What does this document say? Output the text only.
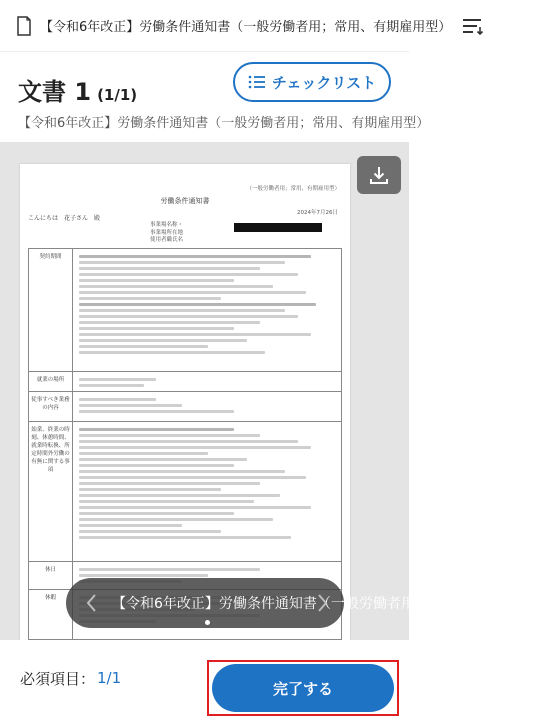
【令和6年改正】労働条件通知書（一般労働者用；常用、有期雇用型）
文書 1 (1/1)
チェックリスト
【令和6年改正】労働条件通知書（一般労働者用；常用、有期雇用型）
（一般労働者用；常用、有期雇用型）
労働条件通知書
2024年7月26日
こんにちは　花子さん　殿
事業場名称・
事業場所在地
使用者職氏名
契約期間
就業の場所
従事すべき業務の内容
始業、終業の時刻、休憩時間、就業時転換、所定時間外労働の有無に関する事項
休日
休暇	【令和6年改正】労働条件通知書（一般労働者用；常用、有期雇用型）
必須項目： 1/1
完了する
